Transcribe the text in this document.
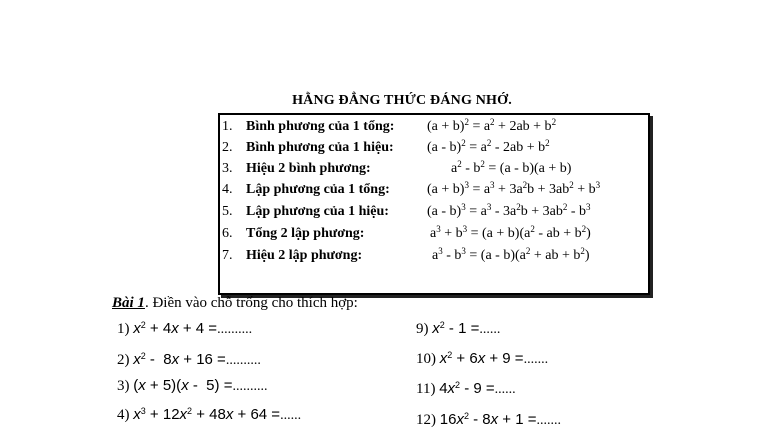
HẰNG ĐẲNG THỨC ĐÁNG NHỚ.
1. Bình phương của 1 tổng: $(a + b)^2 = a^2 + 2ab + b^2$
2. Bình phương của 1 hiệu: $(a - b)^2 = a^2 - 2ab + b^2$
3. Hiệu 2 bình phương:	$a^2 - b^2 = (a - b)(a + b)$
4. Lập phương của 1 tổng:	$(a + b)^3 = a^3 + 3a^2b + 3ab^2 + b^3$
5. Lập phương của 1 hiệu:	$(a - b)^3 = a^3 - 3a^2b + 3ab^2 - b^3$
6. Tổng 2 lập phương:	$a^3 + b^3 = (a + b)(a^2$ - ab + $b^2$)
7. Hiệu 2 lập phương:	$a^3 - b^3 = (a - b)(a^2$ + ab + $b^2$)
Bài 1. Điền vào chỗ trống cho thích hợp:
1) $x^2 + 4x + 4$ =..........
2) $x^2 - 8x + 16$ =..........
3) (x + 5)(x -  5) =..........
4) $x^3 + 12x^2 + 48x + 64$ =......
9) $x^2 - 1$ =......
10) $x^2 + 6x + 9$ =.......
11) $4x^2 - 9$ =......
12) $16x^2 - 8x + 1$ =.......
